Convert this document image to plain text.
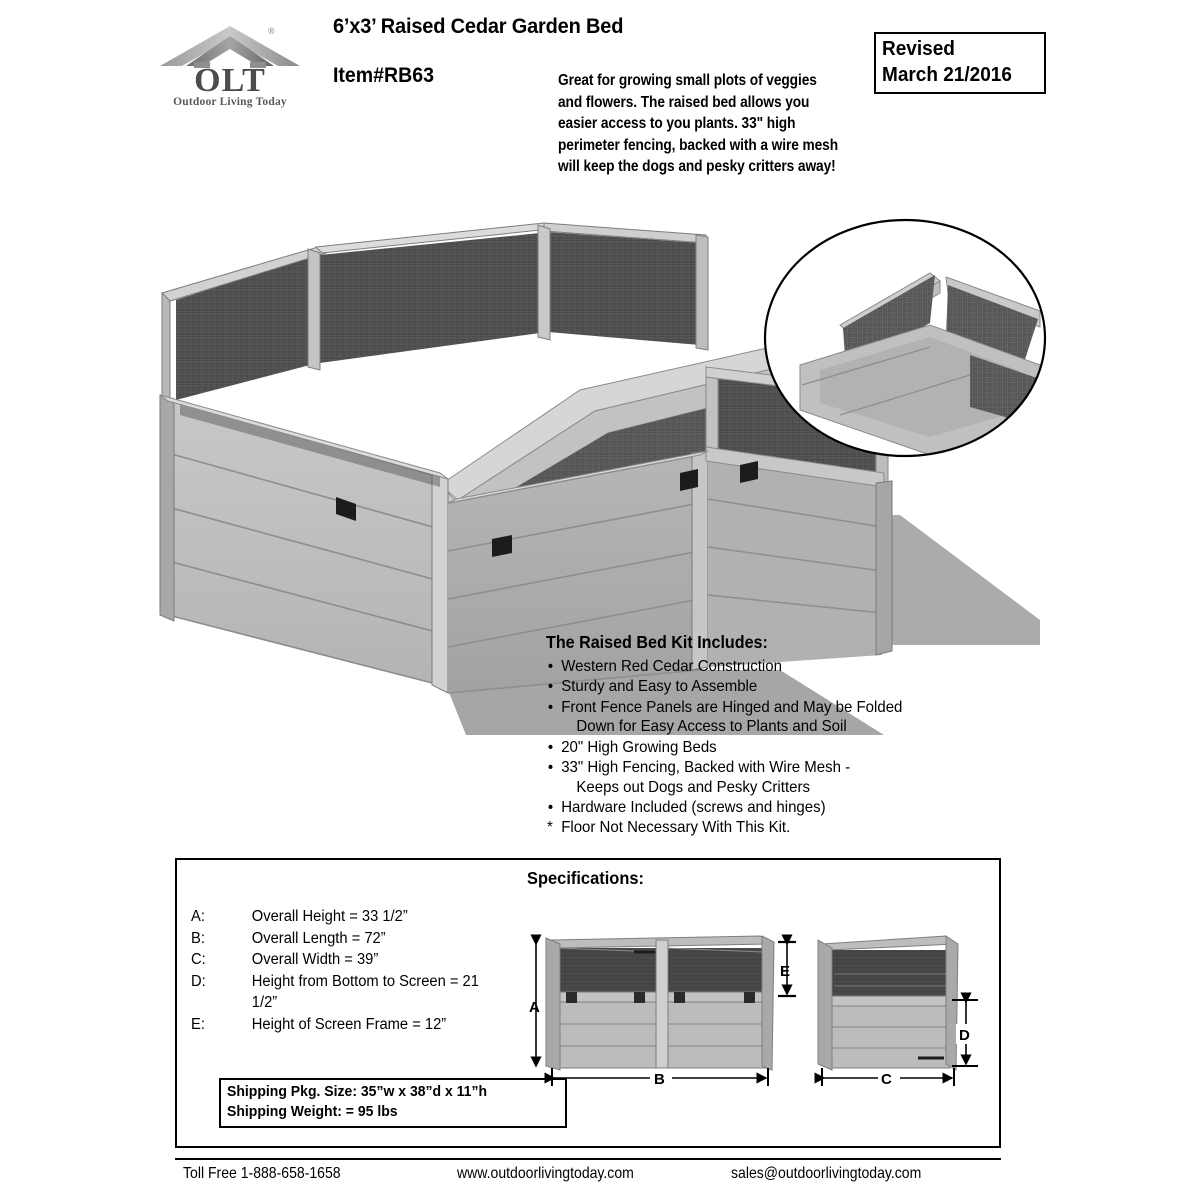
®
OLT
Outdoor Living Today
6’x3’ Raised Cedar Garden Bed
Item#RB63	Great for growing small plots of veggies and flowers. The raised bed allows you easier access to you plants. 33" high perimeter fencing, backed with a wire mesh will keep the dogs and pesky critters away!
Revised
March 21/2016
The Raised Bed Kit Includes:
• Western Red Cedar Construction
• Sturdy and Easy to Assemble
• Front Fence Panels are Hinged and May be Folded
Down for Easy Access to Plants and Soil
• 20" High Growing Beds
• 33" High Fencing, Backed with Wire Mesh -
Keeps out Dogs and Pesky Critters
• Hardware Included (screws and hinges)
* Floor Not Necessary With This Kit.
Specifications:
A:	Overall Height = 33 1/2”
B:	Overall Length = 72”
C:	Overall Width = 39”
D:	Height from Bottom to Screen = 21 1/2”
E:	Height of Screen Frame = 12”
Shipping Pkg. Size: 35”w x 38”d x 11”h
Shipping Weight: = 95 lbs
A
E
B
D
C
Toll Free 1-888-658-1658	www.outdoorlivingtoday.com	sales@outdoorlivingtoday.com
